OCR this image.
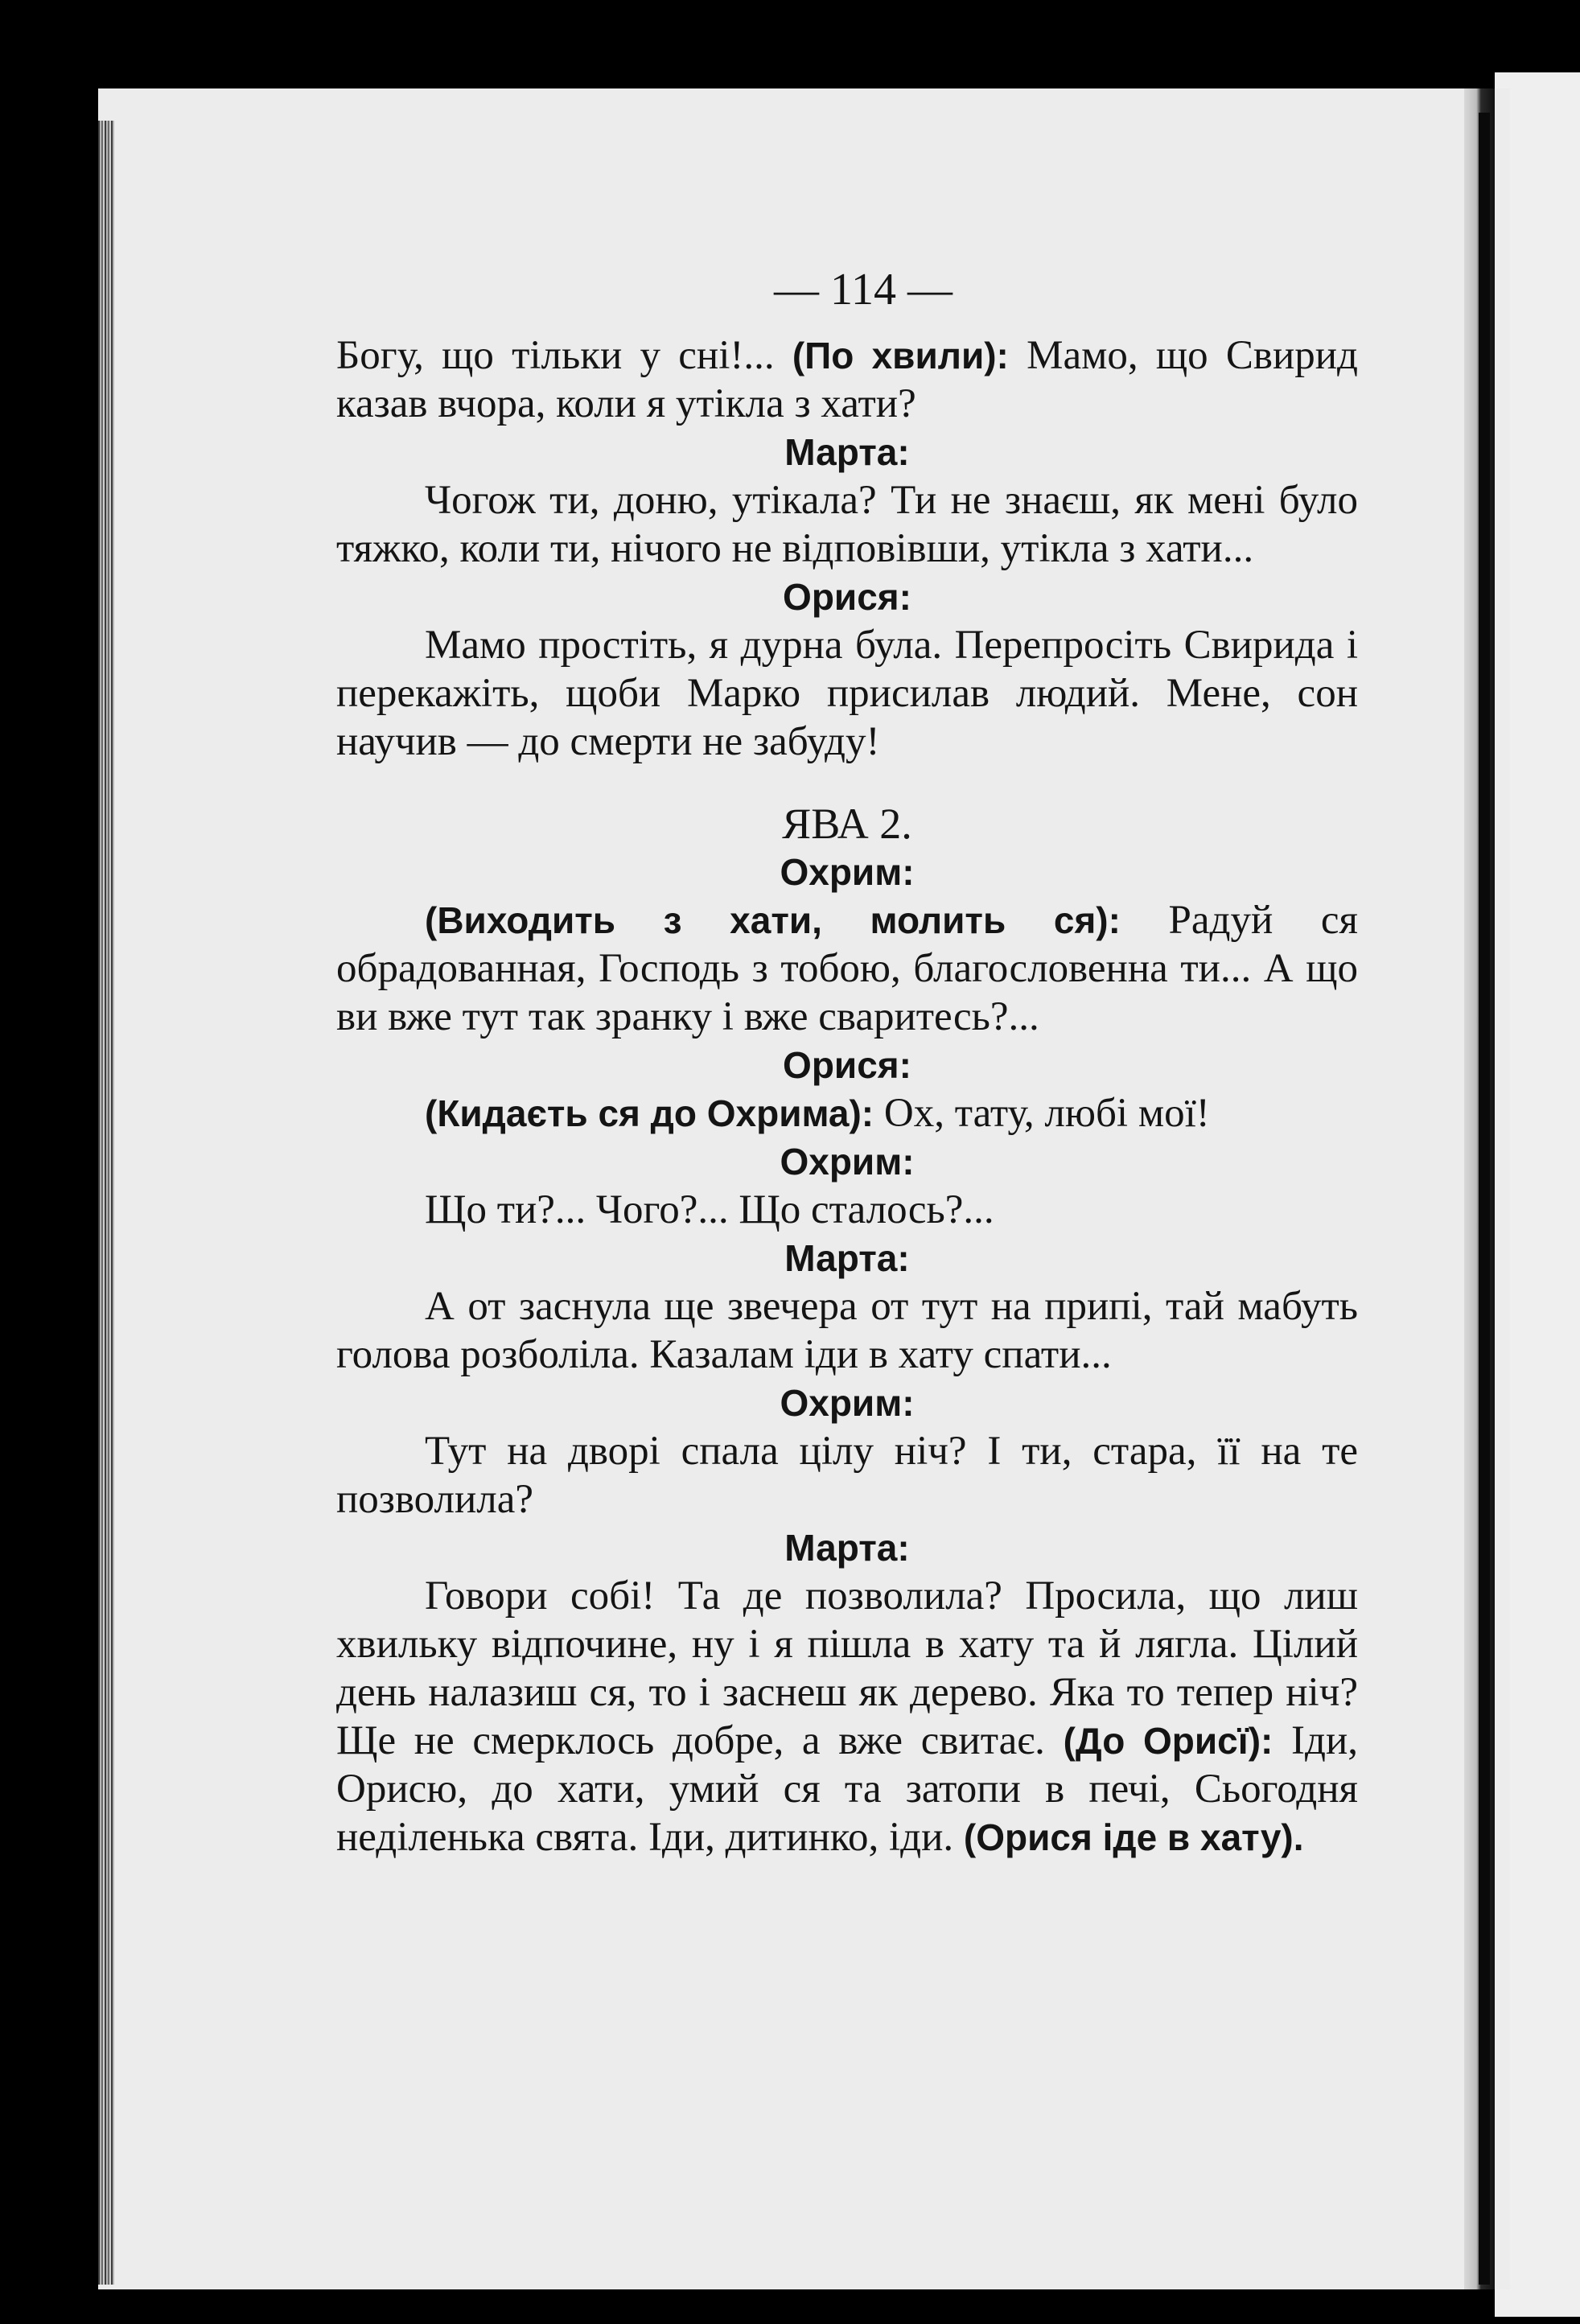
— 114 —

Богу, що тільки у сні!... (По хвили): Мамо, що Свирид казав вчора, коли я утікла з хати?

Марта:

Чогож ти, доню, утікала? Ти не знаєш, як мені було тяжко, коли ти, нічого не відповівши, утікла з хати...

Орися:

Мамо простіть, я дурна була. Перепросіть Свирида і перекажіть, щоби Марко присилав людий. Мене, сон научив — до смерти не забуду!

ЯВА 2.

Охрим:

(Виходить з хати, молить ся): Радуй ся обрадованная, Господь з тобою, благословенна ти... А що ви вже тут так зранку і вже сваритесь?...

Орися:

(Кидаєть ся до Охрима): Ох, тату, любі мої!

Охрим:

Що ти?... Чого?... Що сталось?...

Марта:

А от заснула ще звечера от тут на припі, тай мабуть голова розболіла. Казалам іди в хату спати...

Охрим:

Тут на дворі спала цілу ніч? І ти, стара, її на те позволила?

Марта:

Говори собі! Та де позволила? Просила, що лиш хвильку відпочине, ну і я пішла в хату та й лягла. Цілий день налазиш ся, то і заснеш як дерево. Яка то тепер ніч? Ще не смерклось добре, а вже свитає. (До Орисї): Іди, Орисю, до хати, умий ся та затопи в печі, Сьогодня неділенька свята. Іди, дитинко, іди. (Орися іде в хату).
